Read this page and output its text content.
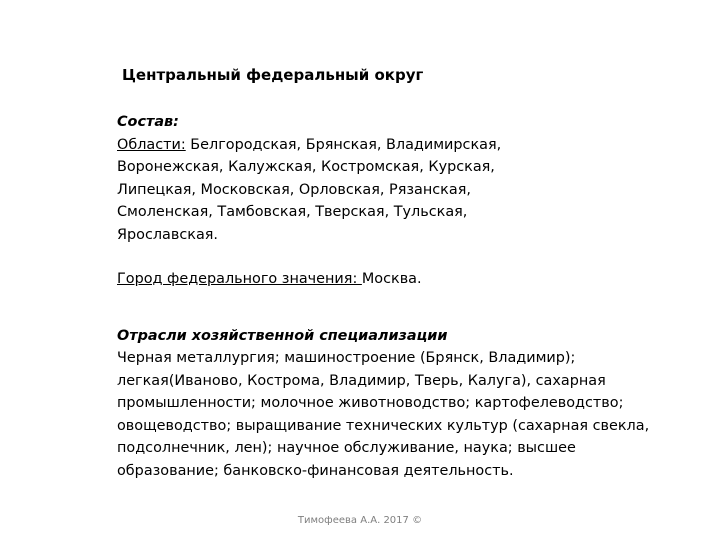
Центральный федеральный округ

Состав:

Области: Белгородская, Брянская, Владимирская,

Воронежская, Калужская, Костромская, Курская,

Липецкая, Московская, Орловская, Рязанская,

Смоленская, Тамбовская, Тверская, Тульская,

Ярославская.

Город федерального значения: Москва.

Отрасли хозяйственной специализации

Черная металлургия; машиностроение (Брянск, Владимир);

легкая(Иваново, Кострома, Владимир, Тверь, Калуга), сахарная

промышленности; молочное животноводство; картофелеводство;

овощеводство; выращивание технических культур (сахарная свекла,

подсолнечник, лен); научное обслуживание, наука; высшее

образование; банковско-финансовая деятельность.

Тимофеева А.А. 2017 ©
